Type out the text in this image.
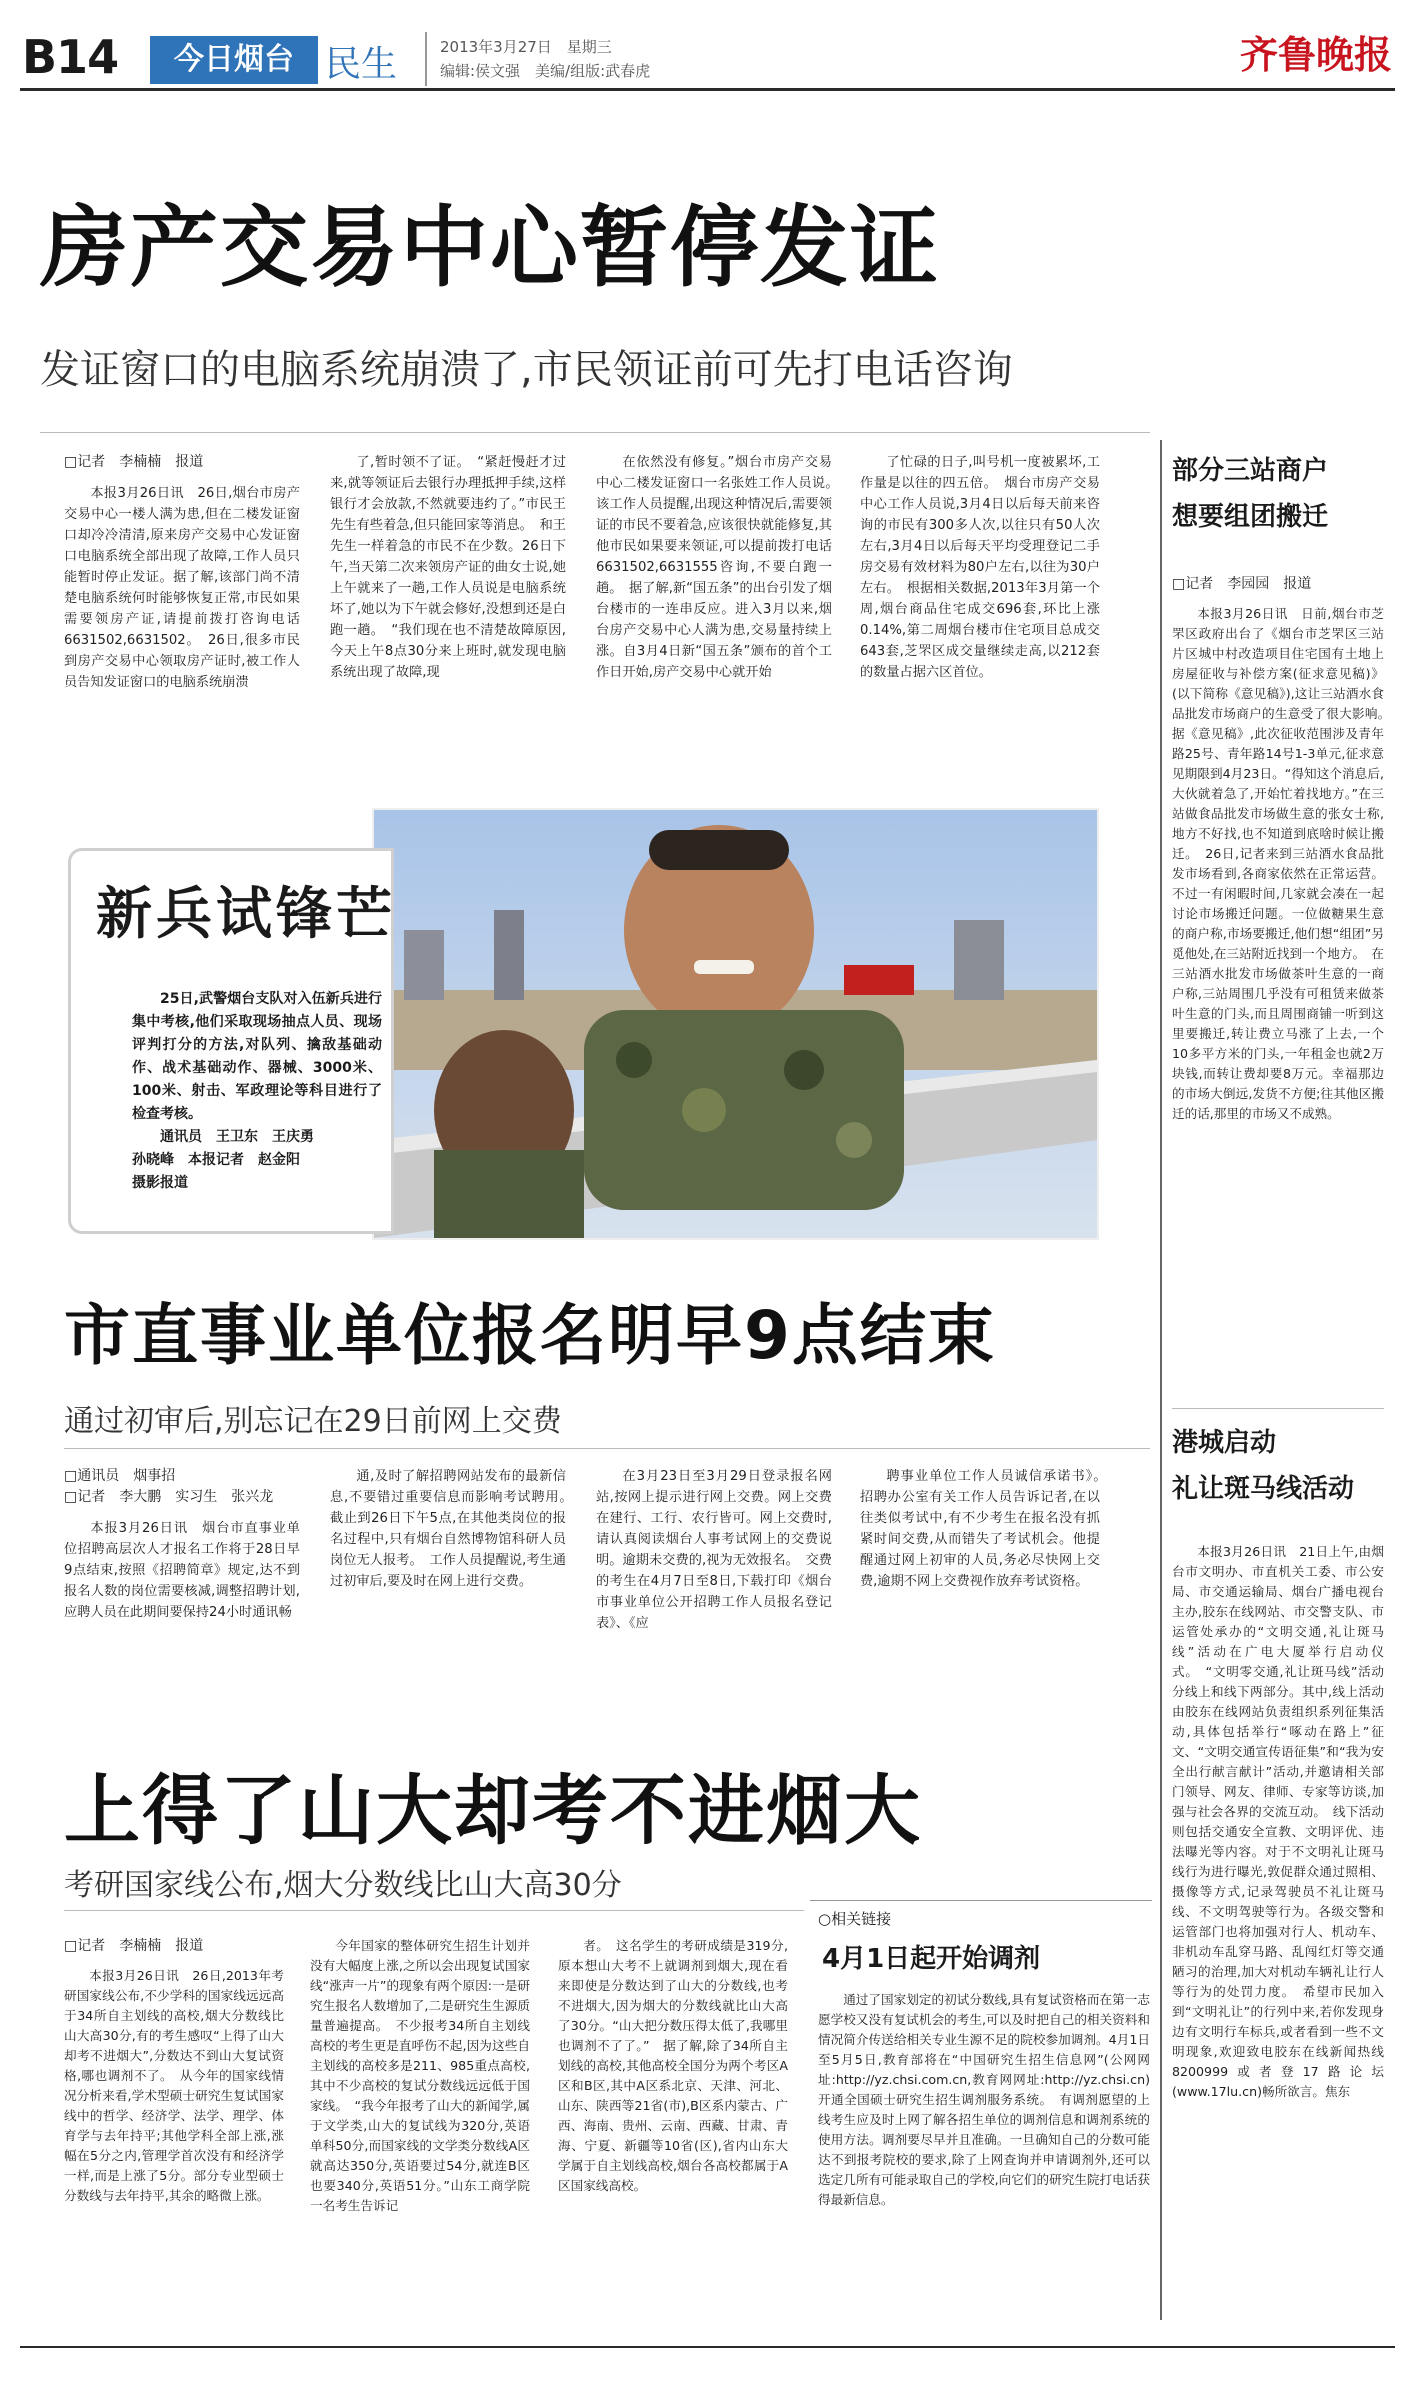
B14	今日烟台 民生	2013年3月27日　星期三
编辑:侯文强　美编/组版:武春虎	齐鲁晚报
房产交易中心暂停发证
发证窗口的电脑系统崩溃了,市民领证前可先打电话咨询
□记者　李楠楠　报道

本报3月26日讯　26日,烟台市房产交易中心一楼人满为患,但在二楼发证窗口却冷冷清清,原来房产交易中心发证窗口电脑系统全部出现了故障,工作人员只能暂时停止发证。据了解,该部门尚不清楚电脑系统何时能够恢复正常,市民如果需要领房产证,请提前拨打咨询电话6631502,6631502。　26日,很多市民到房产交易中心领取房产证时,被工作人员告知发证窗口的电脑系统崩溃

了,暂时领不了证。　“紧赶慢赶才过来,就等领证后去银行办理抵押手续,这样银行才会放款,不然就要违约了。”市民王先生有些着急,但只能回家等消息。　和王先生一样着急的市民不在少数。26日下午,当天第二次来领房产证的曲女士说,她上午就来了一趟,工作人员说是电脑系统坏了,她以为下午就会修好,没想到还是白跑一趟。　“我们现在也不清楚故障原因,今天上午8点30分来上班时,就发现电脑系统出现了故障,现

在依然没有修复。”烟台市房产交易中心二楼发证窗口一名张姓工作人员说。　该工作人员提醒,出现这种情况后,需要领证的市民不要着急,应该很快就能修复,其他市民如果要来领证,可以提前拨打电话6631502,6631555咨询,不要白跑一趟。　据了解,新“国五条”的出台引发了烟台楼市的一连串反应。进入3月以来,烟台房产交易中心人满为患,交易量持续上涨。自3月4日新“国五条”颁布的首个工作日开始,房产交易中心就开始

了忙碌的日子,叫号机一度被累坏,工作量是以往的四五倍。　烟台市房产交易中心工作人员说,3月4日以后每天前来咨询的市民有300多人次,以往只有50人次左右,3月4日以后每天平均受理登记二手房交易有效材料为80户左右,以往为30户左右。　根据相关数据,2013年3月第一个周,烟台商品住宅成交696套,环比上涨0.14%,第二周烟台楼市住宅项目总成交643套,芝罘区成交量继续走高,以212套的数量占据六区首位。

新兵试锋芒

25日,武警烟台支队对入伍新兵进行集中考核,他们采取现场抽点人员、现场评判打分的方法,对队列、擒敌基础动作、战术基础动作、器械、3000米、100米、射击、军政理论等科目进行了检查考核。

通讯员　王卫东　王庆勇
孙晓峰　本报记者　赵金阳
摄影报道
市直事业单位报名明早9点结束
通过初审后,别忘记在29日前网上交费
□通讯员　烟事招
□记者　李大鹏　实习生　张兴龙

本报3月26日讯　烟台市直事业单位招聘高层次人才报名工作将于28日早9点结束,按照《招聘简章》规定,达不到报名人数的岗位需要核减,调整招聘计划,应聘人员在此期间要保持24小时通讯畅

通,及时了解招聘网站发布的最新信息,不要错过重要信息而影响考试聘用。　截止到26日下午5点,在其他类岗位的报名过程中,只有烟台自然博物馆科研人员岗位无人报考。　工作人员提醒说,考生通过初审后,要及时在网上进行交费。

在3月23日至3月29日登录报名网站,按网上提示进行网上交费。网上交费在建行、工行、农行皆可。网上交费时,请认真阅读烟台人事考试网上的交费说明。逾期未交费的,视为无效报名。　交费的考生在4月7日至8日,下载打印《烟台市事业单位公开招聘工作人员报名登记表》、《应

聘事业单位工作人员诚信承诺书》。　招聘办公室有关工作人员告诉记者,在以往类似考试中,有不少考生在报名没有抓紧时间交费,从而错失了考试机会。他提醒通过网上初审的人员,务必尽快网上交费,逾期不网上交费视作放弃考试资格。

上得了山大却考不进烟大
考研国家线公布,烟大分数线比山大高30分
□记者　李楠楠　报道

本报3月26日讯　26日,2013年考研国家线公布,不少学科的国家线远远高于34所自主划线的高校,烟大分数线比山大高30分,有的考生感叹“上得了山大却考不进烟大”,分数达不到山大复试资格,哪也调剂不了。　从今年的国家线情况分析来看,学术型硕士研究生复试国家线中的哲学、经济学、法学、理学、体育学与去年持平;其他学科全部上涨,涨幅在5分之内,管理学首次没有和经济学一样,而是上涨了5分。部分专业型硕士分数线与去年持平,其余的略微上涨。

今年国家的整体研究生招生计划并没有大幅度上涨,之所以会出现复试国家线“涨声一片”的现象有两个原因:一是研究生报名人数增加了,二是研究生生源质量普遍提高。　不少报考34所自主划线高校的考生更是直呼伤不起,因为这些自主划线的高校多是211、985重点高校,其中不少高校的复试分数线远远低于国家线。　“我今年报考了山大的新闻学,属于文学类,山大的复试线为320分,英语单科50分,而国家线的文学类分数线A区就高达350分,英语要过54分,就连B区也要340分,英语51分。”山东工商学院一名考生告诉记

者。　这名学生的考研成绩是319分,原本想山大考不上就调剂到烟大,现在看来即使是分数达到了山大的分数线,也考不进烟大,因为烟大的分数线就比山大高了30分。“山大把分数压得太低了,我哪里也调剂不了了。”　据了解,除了34所自主划线的高校,其他高校全国分为两个考区A区和B区,其中A区系北京、天津、河北、山东、陕西等21省(市),B区系内蒙古、广西、海南、贵州、云南、西藏、甘肃、青海、宁夏、新疆等10省(区),省内山东大学属于自主划线高校,烟台各高校都属于A区国家线高校。

○相关链接
4月1日起开始调剂

通过了国家划定的初试分数线,具有复试资格而在第一志愿学校又没有复试机会的考生,可以及时把自己的相关资料和情况简介传送给相关专业生源不足的院校参加调剂。4月1日至5月5日,教育部将在“中国研究生招生信息网”(公网网址:http://yz.chsi.com.cn,教育网网址:http://yz.chsi.cn)开通全国硕士研究生招生调剂服务系统。　有调剂愿望的上线考生应及时上网了解各招生单位的调剂信息和调剂系统的使用方法。调剂要尽早并且准确。一旦确知自己的分数可能达不到报考院校的要求,除了上网查询并申请调剂外,还可以选定几所有可能录取自己的学校,向它们的研究生院打电话获得最新信息。

部分三站商户
想要组团搬迁
□记者　李园园　报道

本报3月26日讯　日前,烟台市芝罘区政府出台了《烟台市芝罘区三站片区城中村改造项目住宅国有土地上房屋征收与补偿方案(征求意见稿)》(以下简称《意见稿》),这让三站酒水食品批发市场商户的生意受了很大影响。　据《意见稿》,此次征收范围涉及青年路25号、青年路14号1-3单元,征求意见期限到4月23日。“得知这个消息后,大伙就着急了,开始忙着找地方。”在三站做食品批发市场做生意的张女士称,地方不好找,也不知道到底啥时候让搬迁。　26日,记者来到三站酒水食品批发市场看到,各商家依然在正常运营。不过一有闲暇时间,几家就会凑在一起讨论市场搬迁问题。一位做糖果生意的商户称,市场要搬迁,他们想“组团”另觅他处,在三站附近找到一个地方。　在三站酒水批发市场做茶叶生意的一商户称,三站周围几乎没有可租赁来做茶叶生意的门头,而且周围商铺一听到这里要搬迁,转让费立马涨了上去,一个10多平方米的门头,一年租金也就2万块钱,而转让费却要8万元。幸福那边的市场大倒远,发货不方便;往其他区搬迁的话,那里的市场又不成熟。

港城启动
礼让斑马线活动

本报3月26日讯　21日上午,由烟台市文明办、市直机关工委、市公安局、市交通运输局、烟台广播电视台主办,胶东在线网站、市交警支队、市运管处承办的“文明交通,礼让斑马线”活动在广电大厦举行启动仪式。　“文明零交通,礼让斑马线”活动分线上和线下两部分。其中,线上活动由胶东在线网站负责组织系列征集活动,具体包括举行“啄动在路上”征文、“文明交通宣传语征集”和“我为安全出行献言献计”活动,并邀请相关部门领导、网友、律师、专家等访谈,加强与社会各界的交流互动。　线下活动则包括交通安全宣教、文明评优、违法曝光等内容。对于不文明礼让斑马线行为进行曝光,敦促群众通过照相、摄像等方式,记录驾驶员不礼让斑马线、不文明驾驶等行为。各级交警和运管部门也将加强对行人、机动车、非机动车乱穿马路、乱闯红灯等交通陋习的治理,加大对机动车辆礼让行人等行为的处罚力度。　希望市民加入到“文明礼让”的行列中来,若你发现身边有文明行车标兵,或者看到一些不文明现象,欢迎致电胶东在线新闻热线8200999或者登17路论坛(www.17lu.cn)畅所欲言。焦东
